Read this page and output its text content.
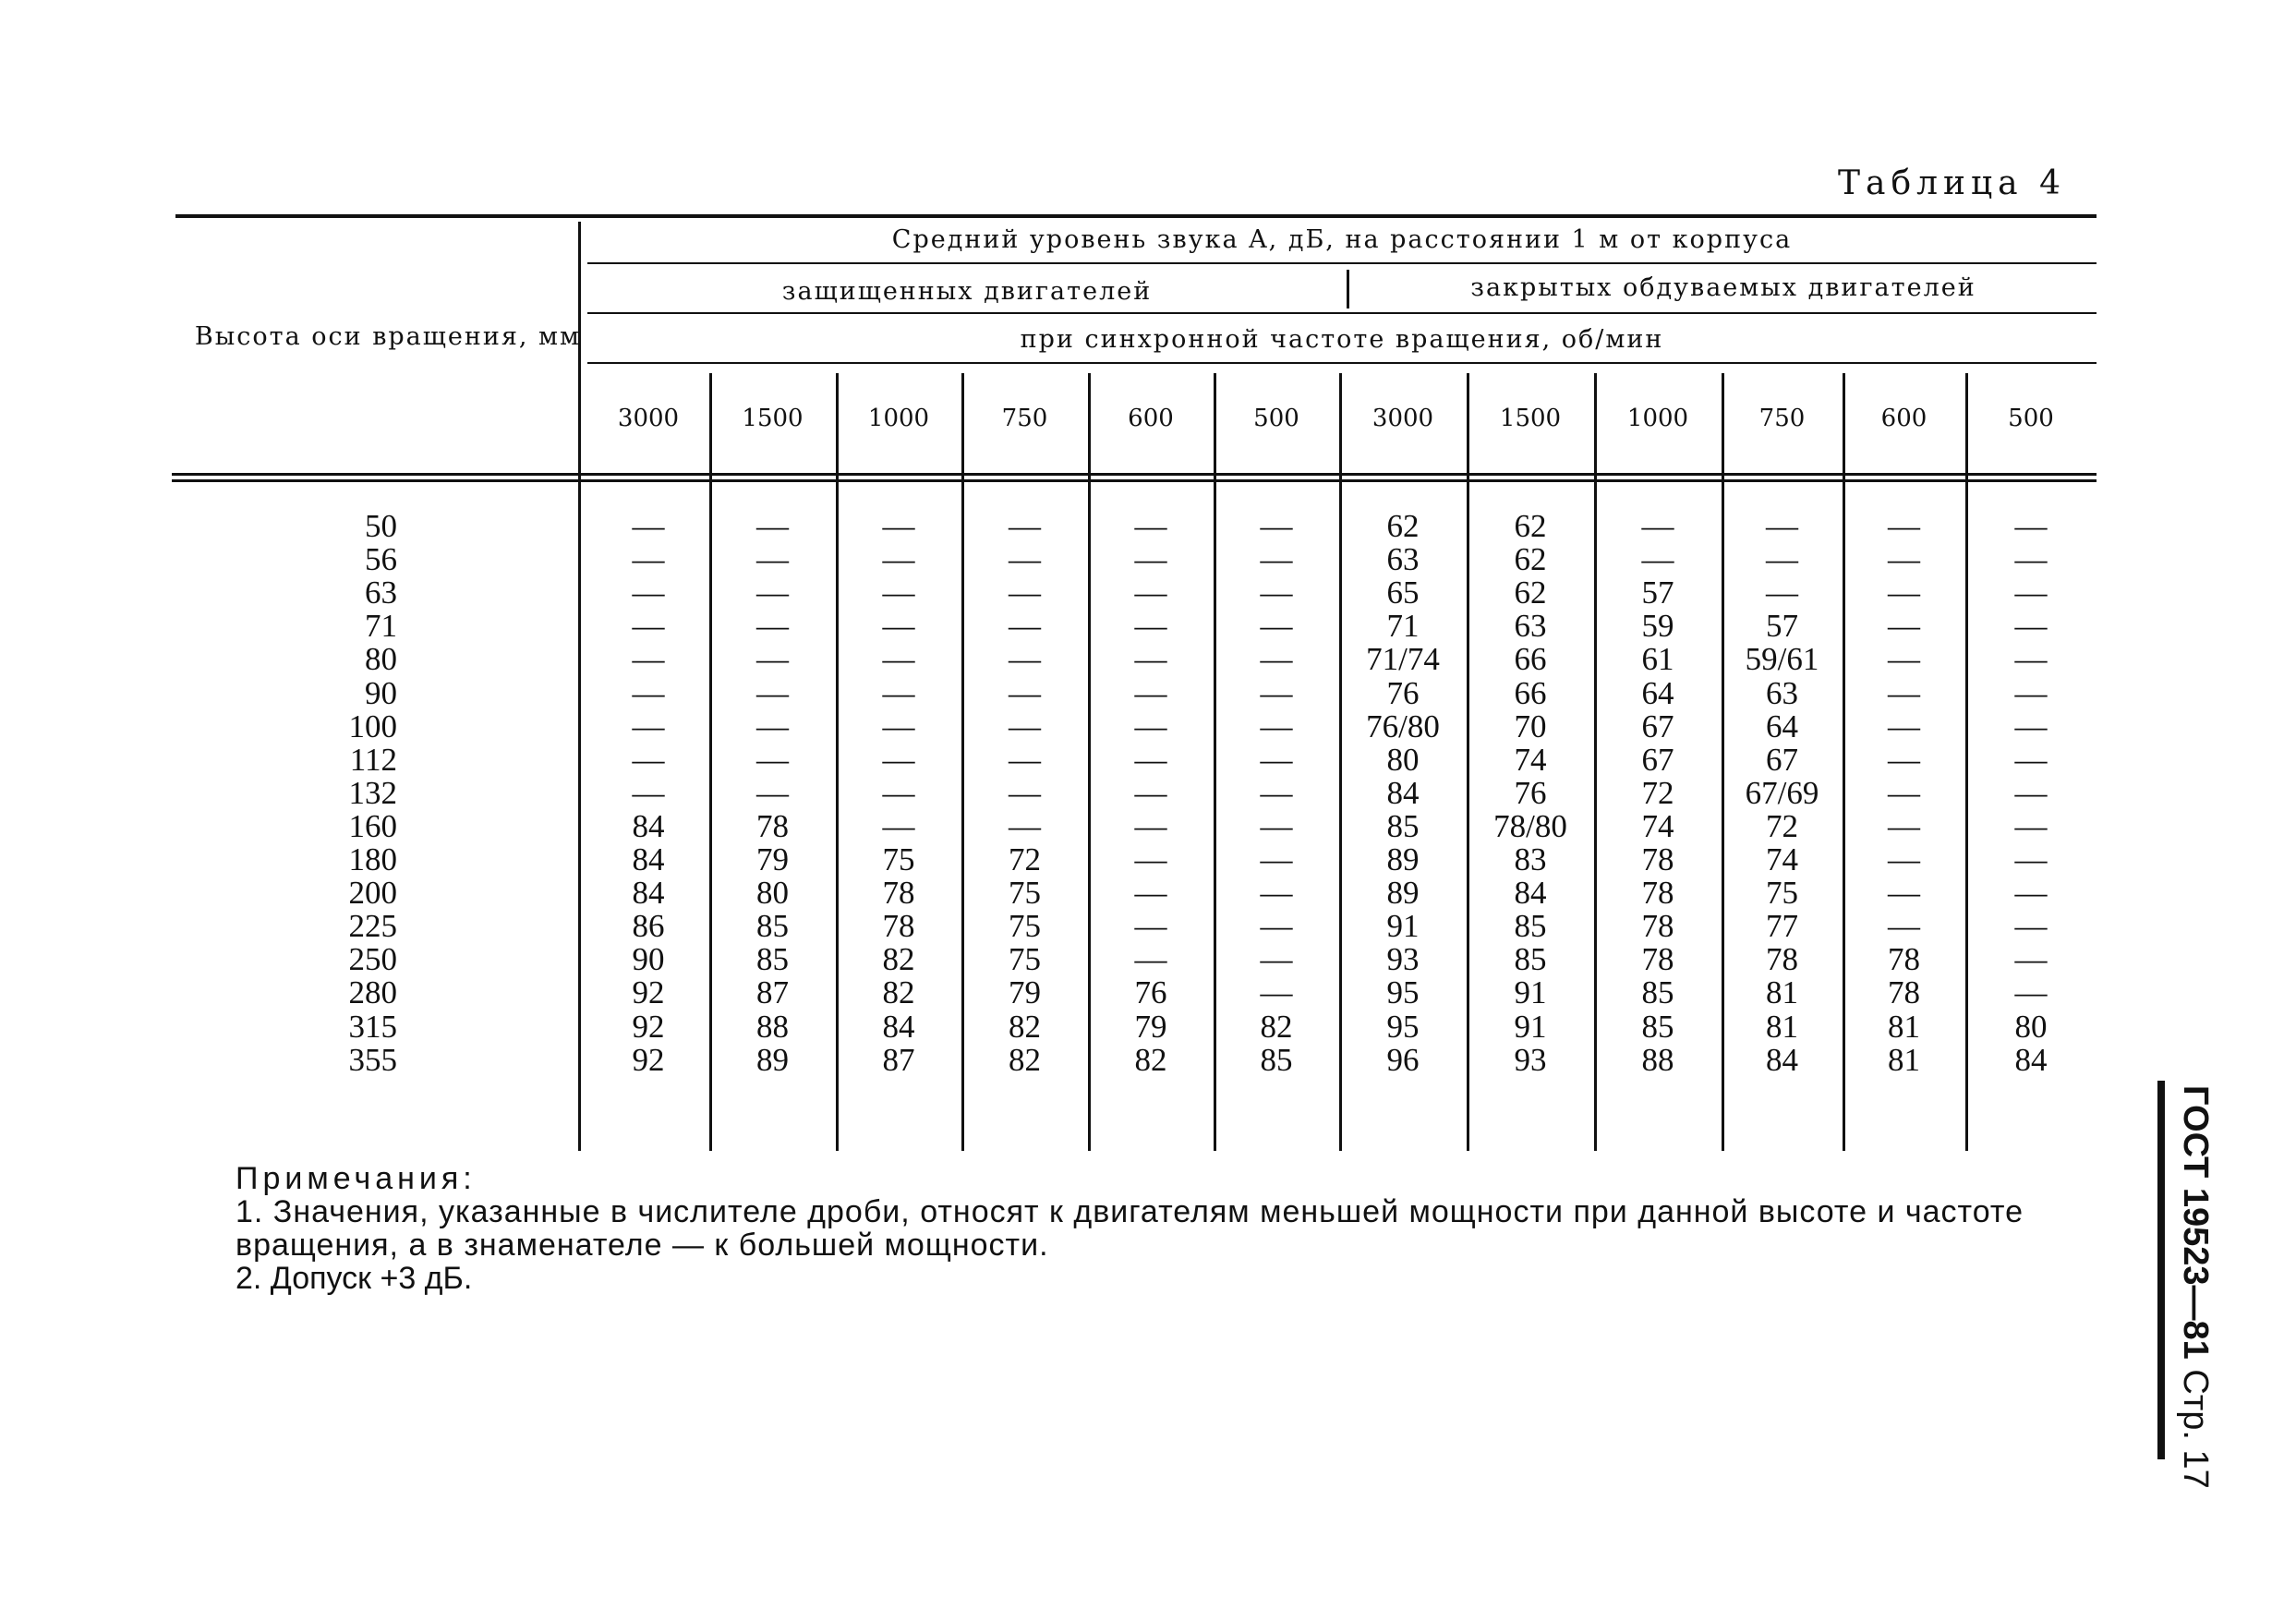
Таблица 4
Высота оси вращения, мм
Средний уровень звука A, дБ, на расстоянии 1 м от корпуса
защищенных двигателей	закрытых обдуваемых двигателей
при синхронной частоте вращения, об/мин
3000	1500	1000	750	600	500	3000	1500	1000	750	600	500
50	—	—	—	—	—	—	62	62	—	—	—	—
56	—	—	—	—	—	—	63	62	—	—	—	—
63	—	—	—	—	—	—	65	62	57	—	—	—
71	—	—	—	—	—	—	71	63	59	57	—	—
80	—	—	—	—	—	—	71/74	66	61	59/61	—	—
90	—	—	—	—	—	—	76	66	64	63	—	—
100	—	—	—	—	—	—	76/80	70	67	64	—	—
112	—	—	—	—	—	—	80	74	67	67	—	—
132	—	—	—	—	—	—	84	76	72	67/69	—	—
160	84	78	—	—	—	—	85	78/80	74	72	—	—
180	84	79	75	72	—	—	89	83	78	74	—	—
200	84	80	78	75	—	—	89	84	78	75	—	—
225	86	85	78	75	—	—	91	85	78	77	—	—
250	90	85	82	75	—	—	93	85	78	78	78	—
280	92	87	82	79	76	—	95	91	85	81	78	—
315	92	88	84	82	79	82	95	91	85	81	81	80
355	92	89	87	82	82	85	96	93	88	84	81	84
Примечания:
1. Значения, указанные в числителе дроби, относят к двигателям меньшей мощности при данной высоте и частоте вращения, а в знаменателе — к большей мощности.
2. Допуск +3 дБ.	ГОСТ 19523—81 Стр. 17
